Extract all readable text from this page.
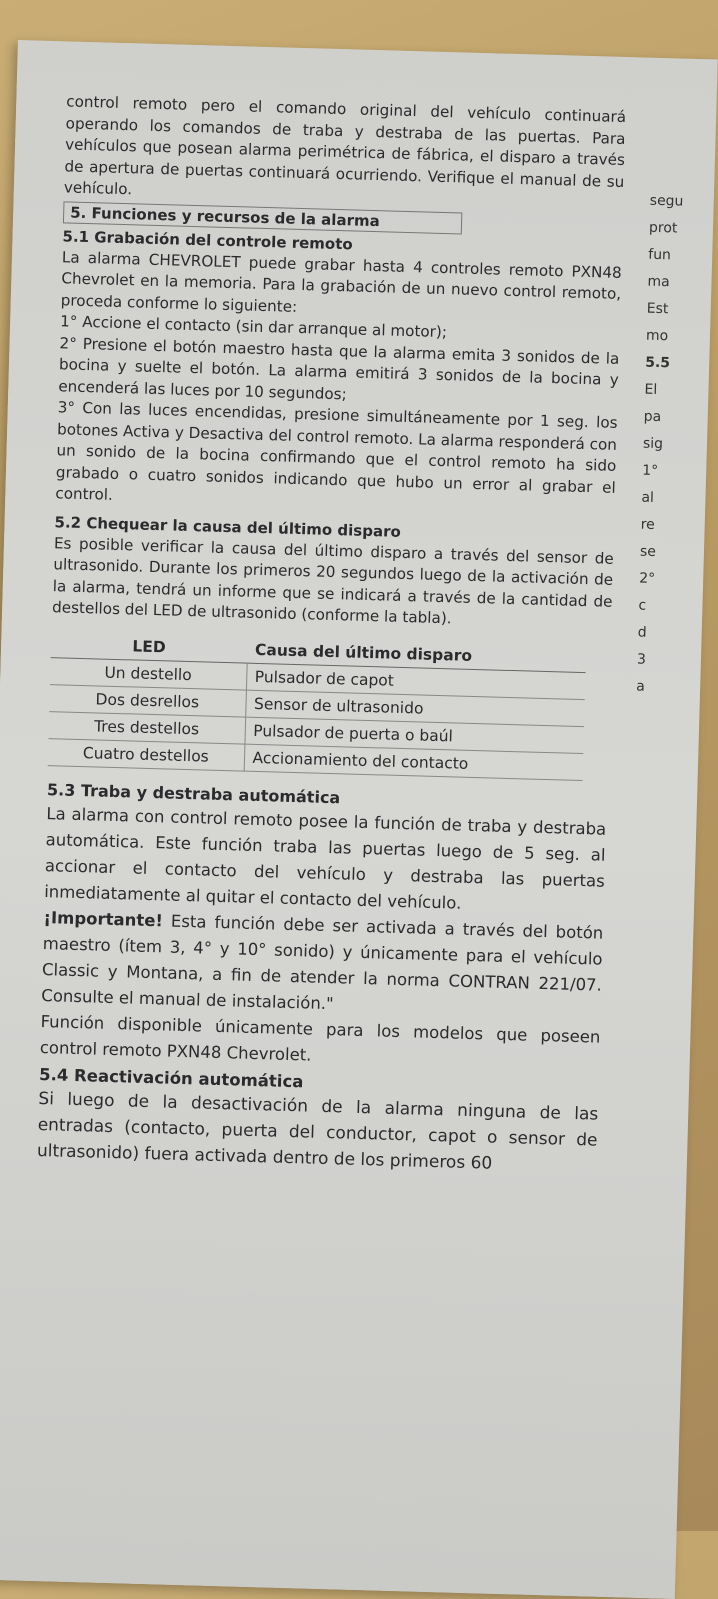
control remoto pero el comando original del vehículo continuará operando los comandos de traba y destraba de las puertas. Para vehículos que posean alarma perimétrica de fábrica, el disparo a través de apertura de puertas continuará ocurriendo. Verifique el manual de su vehículo.

5. Funciones y recursos de la alarma
5.1 Grabación del controle remoto

La alarma CHEVROLET puede grabar hasta 4 controles remoto PXN48 Chevrolet en la memoria. Para la grabación de un nuevo control remoto, proceda conforme lo siguiente:

1° Accione el contacto (sin dar arranque al motor);

2° Presione el botón maestro hasta que la alarma emita 3 sonidos de la bocina y suelte el botón. La alarma emitirá 3 sonidos de la bocina y encenderá las luces por 10 segundos;

3° Con las luces encendidas, presione simultáneamente por 1 seg. los botones Activa y Desactiva del control remoto. La alarma responderá con un sonido de la bocina confirmando que el control remoto ha sido grabado o cuatro sonidos indicando que hubo un error al grabar el control.

5.2 Chequear la causa del último disparo

Es posible verificar la causa del último disparo a través del sensor de ultrasonido. Durante los primeros 20 segundos luego de la activación de la alarma, tendrá un informe que se indicará a través de la cantidad de destellos del LED de ultrasonido (conforme la tabla).

LED	Causa del último disparo
Un destello	Pulsador de capot
Dos desrellos	Sensor de ultrasonido
Tres destellos	Pulsador de puerta o baúl
Cuatro destellos	Accionamiento del contacto
5.3 Traba y destraba automática

La alarma con control remoto posee la función de traba y destraba automática. Este función traba las puertas luego de 5 seg. al accionar el contacto del vehículo y destraba las puertas inmediatamente al quitar el contacto del vehículo.

¡Importante! Esta función debe ser activada a través del botón maestro (ítem 3, 4° y 10° sonido) y únicamente para el vehículo Classic y Montana, a fin de atender la norma CONTRAN 221/07. Consulte el manual de instalación."

Función disponible únicamente para los modelos que poseen control remoto PXN48 Chevrolet.

5.4 Reactivación automática

Si luego de la desactivación de la alarma ninguna de las entradas (contacto, puerta del conductor, capot o sensor de ultrasonido) fuera activada dentro de los primeros 60

segu
prot
fun
ma
Est
mo
5.5
El
pa
sig
1°
al
re
se
2°
c
d
3
a
